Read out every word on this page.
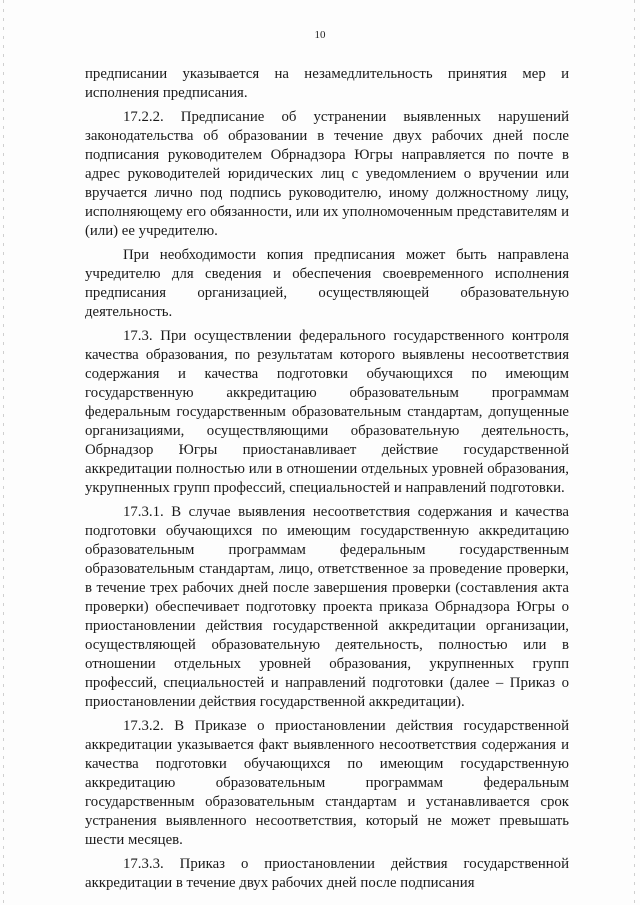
10

предписании указывается на незамедлительность принятия мер и исполнения предписания.

17.2.2. Предписание об устранении выявленных нарушений законодательства об образовании в течение двух рабочих дней после подписания руководителем Обрнадзора Югры направляется по почте в адрес руководителей юридических лиц с уведомлением о вручении или вручается лично под подпись руководителю, иному должностному лицу, исполняющему его обязанности, или их уполномоченным представителям и (или) ее учредителю.

При необходимости копия предписания может быть направлена учредителю для сведения и обеспечения своевременного исполнения предписания организацией, осуществляющей образовательную деятельность.

17.3. При осуществлении федерального государственного контроля качества образования, по результатам которого выявлены несоответствия содержания и качества подготовки обучающихся по имеющим государственную аккредитацию образовательным программам федеральным государственным образовательным стандартам, допущенные организациями, осуществляющими образовательную деятельность, Обрнадзор Югры приостанавливает действие государственной аккредитации полностью или в отношении отдельных уровней образования, укрупненных групп профессий, специальностей и направлений подготовки.

17.3.1. В случае выявления несоответствия содержания и качества подготовки обучающихся по имеющим государственную аккредитацию образовательным программам федеральным государственным образовательным стандартам, лицо, ответственное за проведение проверки, в течение трех рабочих дней после завершения проверки (составления акта проверки) обеспечивает подготовку проекта приказа Обрнадзора Югры о приостановлении действия государственной аккредитации организации, осуществляющей образовательную деятельность, полностью или в отношении отдельных уровней образования, укрупненных групп профессий, специальностей и направлений подготовки (далее – Приказ о приостановлении действия государственной аккредитации).

17.3.2. В Приказе о приостановлении действия государственной аккредитации указывается факт выявленного несоответствия содержания и качества подготовки обучающихся по имеющим государственную аккредитацию образовательным программам федеральным государственным образовательным стандартам и устанавливается срок устранения выявленного несоответствия, который не может превышать шести месяцев.

17.3.3. Приказ о приостановлении действия государственной аккредитации в течение двух рабочих дней после подписания
